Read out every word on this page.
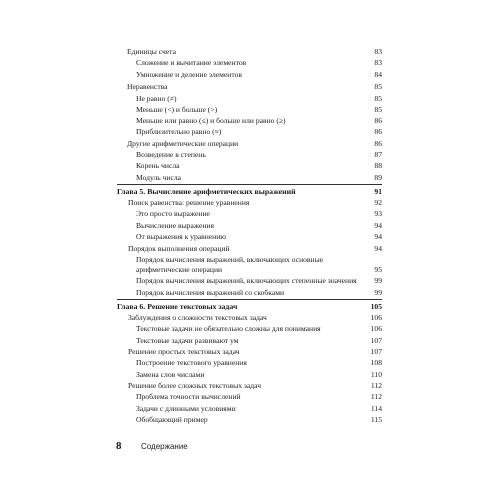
Единицы счета	83
Сложение и вычитание элементов	83
Умножение и деление элементов	84
Неравенства	85
Не равно (≠)	85
Меньше (<) и больше (>)	85
Меньше или равно (≤) и больше или равно (≥)	86
Приблизительно равно (≈)	86
Другие арифметические операции	86
Возведение в степень	87
Корень числа	88
Модуль числа	89
Глава 5. Вычисление арифметических выражений	91
Поиск равенства: решение уравнения	92
Это просто выражение	93
Вычисление выражения	94
От выражения к уравнению	94
Порядок выполнения операций	94
Порядок вычисления выражений, включающих основные
арифметические операции	95
Порядок вычисления выражений, включающих степенные значения 99
Порядок вычисления выражений со скобками	99
Глава 6. Решение текстовых задач	105
Заблуждения о сложности текстовых задач	106
Текстовые задачи не обязательно сложны для понимания	106
Текстовые задачи развивают ум	107
Решение простых текстовых задач	107
Построение текстового уравнения	108
Замена слов числами	110
Решение более сложных текстовых задач	112
Проблема точности вычислений	112
Задачи с длинными условиями	114
Обобщающий пример	115
8 Содержание
